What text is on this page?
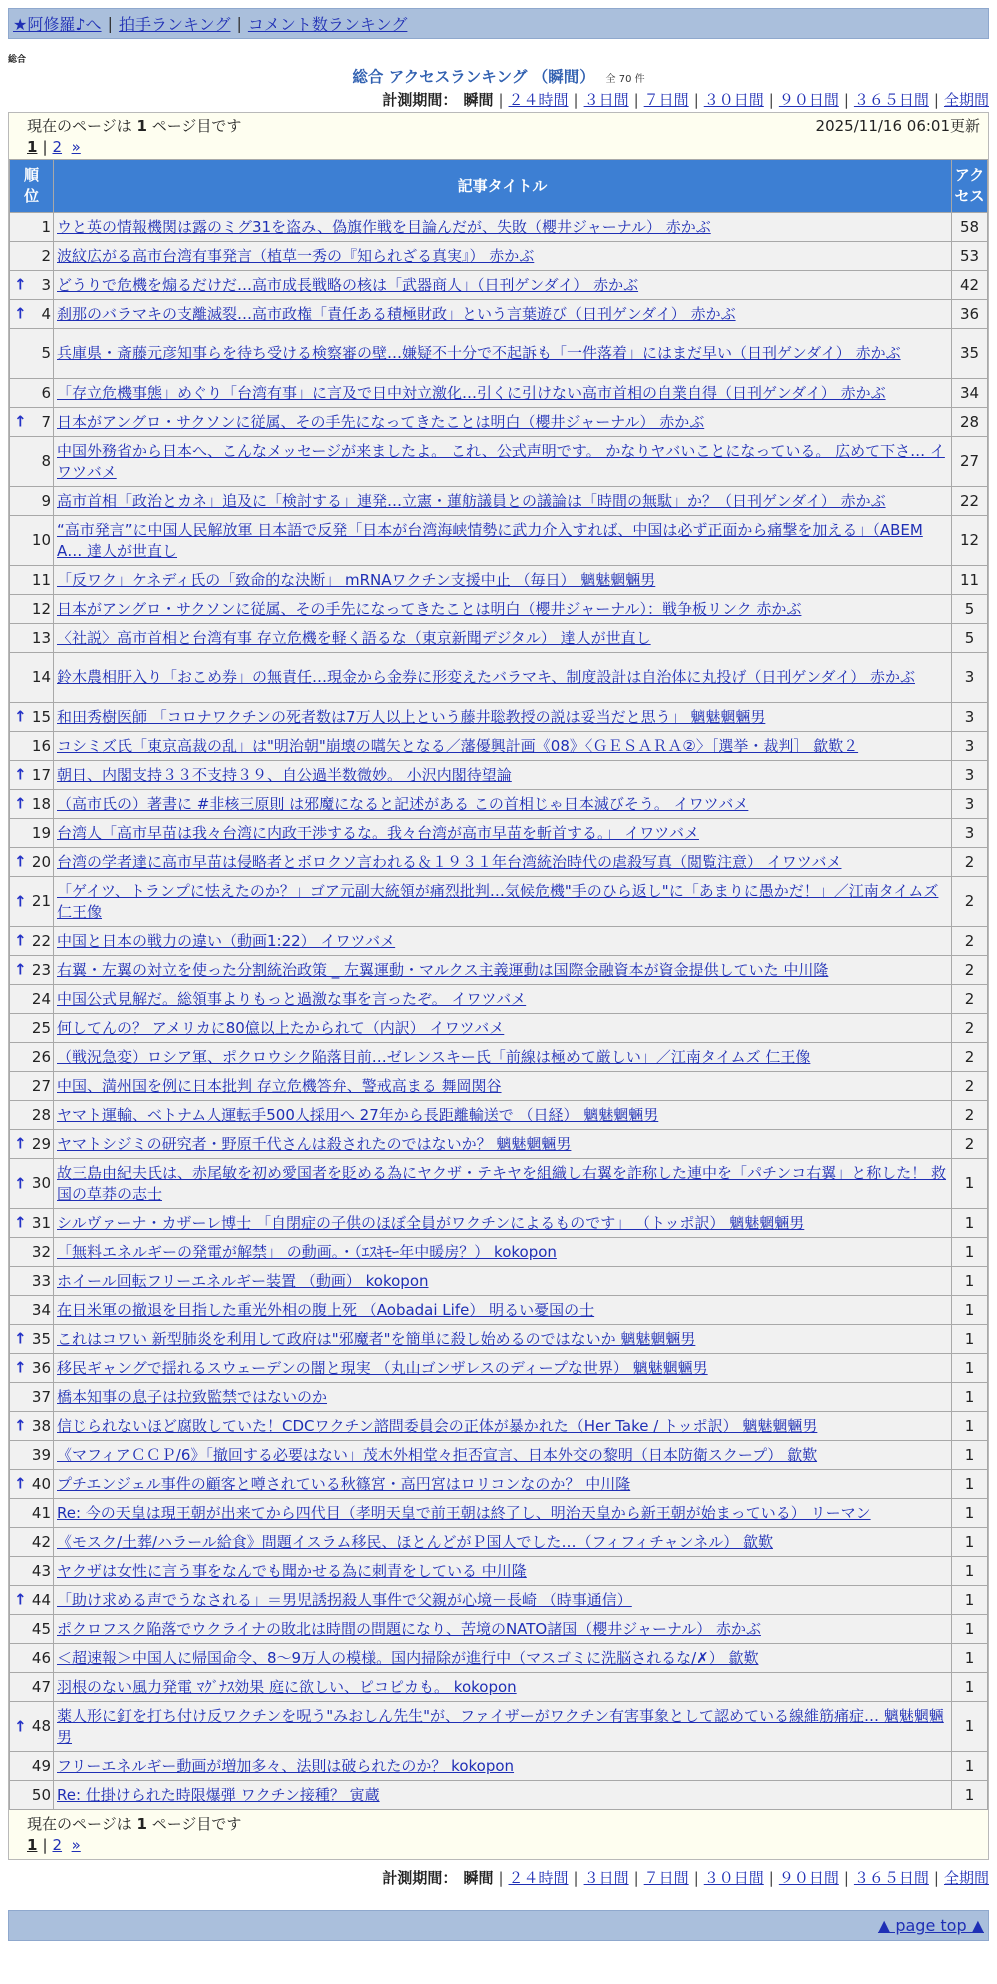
★阿修羅♪へ | 拍手ランキング | コメント数ランキング
総合
総合 アクセスランキング （瞬間） 全 70 件
計測期間： 瞬間 | ２４時間 | ３日間 | ７日間 | ３０日間 | ９０日間 | ３６５日間 | 全期間
現在のページは 1 ページ目です	2025/11/16 06:01更新
1 | 2 »
順位	記事タイトル	アクセス
1	ウと英の情報機関は露のミグ31を盗み、偽旗作戦を目論んだが、失敗（櫻井ジャーナル） 赤かぶ	58
2	波紋広がる高市台湾有事発言（植草一秀の『知られざる真実』） 赤かぶ	53

↑ 3	どうりで危機を煽るだけだ…高市成長戦略の核は「武器商人」（日刊ゲンダイ） 赤かぶ	42

↑ 4	刹那のバラマキの支離滅裂…高市政権「責任ある積極財政」という言葉遊び（日刊ゲンダイ） 赤かぶ	36
5	兵庫県・斎藤元彦知事らを待ち受ける検察審の壁…嫌疑不十分で不起訴も「一件落着」にはまだ早い（日刊ゲンダイ） 赤かぶ	35
6	「存立危機事態」めぐり「台湾有事」に言及で日中対立激化…引くに引けない高市首相の自業自得（日刊ゲンダイ） 赤かぶ	34

↑ 7	日本がアングロ・サクソンに従属、その手先になってきたことは明白（櫻井ジャーナル） 赤かぶ	28
8	中国外務省から日本へ、こんなメッセージが来ましたよ。 これ、公式声明です。 かなりヤバいことになっている。 広めて下さ… イワツバメ	27
9	高市首相「政治とカネ」追及に「検討する」連発…立憲・蓮舫議員との議論は「時間の無駄」か？（日刊ゲンダイ） 赤かぶ	22
10	“高市発言”に中国人民解放軍 日本語で反発「日本が台湾海峡情勢に武力介入すれば、中国は必ず正面から痛撃を加える」（ABEMA… 達人が世直し	12
11	「反ワク」ケネディ氏の「致命的な決断」 mRNAワクチン支援中止 （毎日） 魑魅魍魎男	11
12	日本がアングロ・サクソンに従属、その手先になってきたことは明白（櫻井ジャーナル）：戦争板リンク 赤かぶ	5
13	〈社説〉高市首相と台湾有事 存立危機を軽く語るな（東京新聞デジタル） 達人が世直し	5
14	鈴木農相肝入り「おこめ券」の無責任…現金から金券に形変えたバラマキ、制度設計は自治体に丸投げ（日刊ゲンダイ） 赤かぶ	3

↑ 15	和田秀樹医師 「コロナワクチンの死者数は7万人以上という藤井聡教授の説は妥当だと思う」 魑魅魍魎男	3
16	コシミズ氏「東京高裁の乱」は"明治朝"崩壊の嚆矢となる／藩優興計画《08》〈ＧＥＳＡＲＡ②〉［選挙・裁判］ 歙歎２	3

↑ 17	朝日、内閣支持３３不支持３９、自公過半数微妙。 小沢内閣待望論	3

↑ 18	（高市氏の）著書に #非核三原則 は邪魔になると記述がある この首相じゃ日本滅びそう。 イワツバメ	3
19	台湾人「高市早苗は我々台湾に内政干渉するな。我々台湾が高市早苗を斬首する。」 イワツバメ	3

↑ 20	台湾の学者達に高市早苗は侵略者とボロクソ言われる＆１９３１年台湾統治時代の虐殺写真（閲覧注意） イワツバメ	2

↑ 21	「ゲイツ、トランプに怯えたのか？」ゴア元副大統領が痛烈批判…気候危機"手のひら返し"に「あまりに愚かだ！」／江南タイムズ 仁王像	2

↑ 22	中国と日本の戦力の違い（動画1:22） イワツバメ	2

↑ 23	右翼・左翼の対立を使った分割統治政策 _ 左翼運動・マルクス主義運動は国際金融資本が資金提供していた 中川隆	2
24	中国公式見解だ。総領事よりもっと過激な事を言ったぞ。 イワツバメ	2
25	何してんの？ アメリカに80億以上たかられて（内訳） イワツバメ	2
26	（戦況急変）ロシア軍、ポクロウシク陥落目前…ゼレンスキー氏「前線は極めて厳しい」／江南タイムズ 仁王像	2
27	中国、満州国を例に日本批判 存立危機答弁、警戒高まる 舞岡関谷	2
28	ヤマト運輸、ベトナム人運転手500人採用へ 27年から長距離輸送で （日経） 魑魅魍魎男	2

↑ 29	ヤマトシジミの研究者・野原千代さんは殺されたのではないか？ 魑魅魍魎男	2

↑ 30	故三島由紀夫氏は、赤尾敏を初め愛国者を貶める為にヤクザ・テキヤを組織し右翼を詐称した連中を「パチンコ右翼」と称した！ 救国の草莽の志士	1

↑ 31	シルヴァーナ・カザーレ博士 「自閉症の子供のほぼ全員がワクチンによるものです」 （トッポ訳） 魑魅魍魎男	1
32	「無料エネルギーの発電が解禁」 の動画。・（ｴｽｷﾓｰ年中暖房？） kokopon	1
33	ホイール回転フリーエネルギー装置 （動画） kokopon	1
34	在日米軍の撤退を目指した重光外相の腹上死 （Aobadai Life） 明るい憂国の士	1

↑ 35	これはコワい 新型肺炎を利用して政府は"邪魔者"を簡単に殺し始めるのではないか 魑魅魍魎男	1

↑ 36	移民ギャングで揺れるスウェーデンの闇と現実 （丸山ゴンザレスのディープな世界） 魑魅魍魎男	1
37	橋本知事の息子は拉致監禁ではないのか	1

↑ 38	信じられないほど腐敗していた！CDCワクチン諮問委員会の正体が暴かれた（Her Take / トッポ訳） 魑魅魍魎男	1
39	《マフィアＣＣＰ/6》「撤回する必要はない」茂木外相堂々拒否宣言、日本外交の黎明（日本防衛スクープ） 歙歎	1

↑ 40	プチエンジェル事件の顧客と噂されている秋篠宮・高円宮はロリコンなのか？ 中川隆	1
41	Re: 今の天皇は現王朝が出来てから四代目（孝明天皇で前王朝は終了し、明治天皇から新王朝が始まっている） リーマン	1
42	《モスク/土葬/ハラール給食》問題イスラム移民、ほとんどがＰ国人でした…（フィフィチャンネル） 歙歎	1
43	ヤクザは女性に言う事をなんでも聞かせる為に刺青をしている 中川隆	1

↑ 44	「助け求める声でうなされる」＝男児誘拐殺人事件で父親が心境－長崎 （時事通信）	1
45	ポクロフスク陥落でウクライナの敗北は時間の問題になり、苦境のNATO諸国（櫻井ジャーナル） 赤かぶ	1
46	＜超速報＞中国人に帰国命令、8～9万人の模様。国内掃除が進行中（マスゴミに洗脳されるな/✗） 歙歎	1
47	羽根のない風力発電 ﾏｸﾞﾅｽ効果 庭に欲しい、ピコピカも。 kokopon	1

↑ 48	薬人形に釘を打ち付け反ワクチンを呪う"みおしん先生"が、ファイザーがワクチン有害事象として認めている線維筋痛症… 魑魅魍魎男	1
49	フリーエネルギー動画が増加多々、法則は破られたのか？ kokopon	1
50	Re: 仕掛けられた時限爆弾 ワクチン接種？ 寅蔵	1
現在のページは 1 ページ目です
1 | 2 »
計測期間： 瞬間 | ２４時間 | ３日間 | ７日間 | ３０日間 | ９０日間 | ３６５日間 | 全期間
▲ page top ▲
